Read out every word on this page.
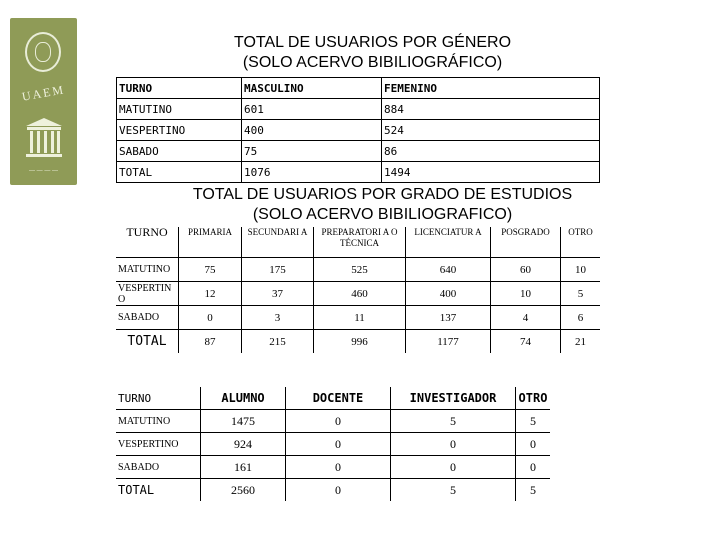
UAEM
— — — —
TOTAL DE USUARIOS POR GÉNERO
(SOLO ACERVO BIBILIOGRÁFICO)
TURNO	MASCULINO	FEMENINO
MATUTINO	601	884
VESPERTINO	400	524
SABADO	75	86
TOTAL	1076	1494
TOTAL DE USUARIOS POR GRADO DE ESTUDIOS
(SOLO ACERVO BIBILIOGRAFICO)
TURNO	PRIMARIA	SECUNDARI A	PREPARATORI A O TÉCNICA	LICENCIATUR A	POSGRADO	OTRO
MATUTINO	75	175	525	640	60	10
VESPERTIN O	12	37	460	400	10	5
SABADO	0	3	11	137	4	6
TOTAL	87	215	996	1177	74	21
TURNO	ALUMNO	DOCENTE	INVESTIGADOR	OTRO
MATUTINO	1475	0	5	5
VESPERTINO	924	0	0	0
SABADO	161	0	0	0
TOTAL	2560	0	5	5
